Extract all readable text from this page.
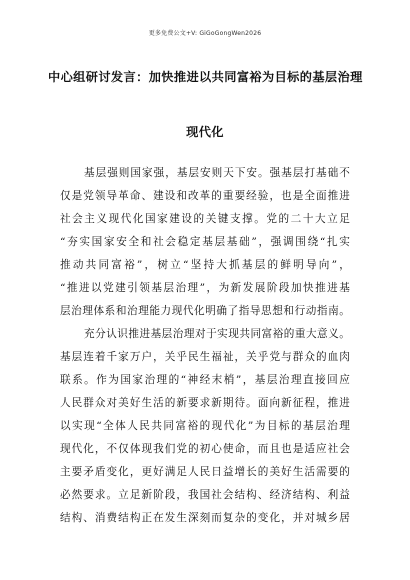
更多免费公文+V: GiGoGongWen2026
中心组研讨发言：加快推进以共同富裕为目标的基层治理
现代化

基层强则国家强，基层安则天下安。强基层打基础不

仅是党领导革命、建设和改革的重要经验，也是全面推进

社会主义现代化国家建设的关键支撑。党的二十大立足

“夯实国家安全和社会稳定基层基础”，强调围绕“扎实

推动共同富裕”，树立“坚持大抓基层的鲜明导向”，

“推进以党建引领基层治理”，为新发展阶段加快推进基

层治理体系和治理能力现代化明确了指导思想和行动指南。

充分认识推进基层治理对于实现共同富裕的重大意义。

基层连着千家万户，关乎民生福祉，关乎党与群众的血肉

联系。作为国家治理的“神经末梢”，基层治理直接回应

人民群众对美好生活的新要求新期待。面向新征程，推进

以实现“全体人民共同富裕的现代化”为目标的基层治理

现代化，不仅体现我们党的初心使命，而且也是适应社会

主要矛盾变化，更好满足人民日益增长的美好生活需要的

必然要求。立足新阶段，我国社会结构、经济结构、利益

结构、消费结构正在发生深刻而复杂的变化，并对城乡居
